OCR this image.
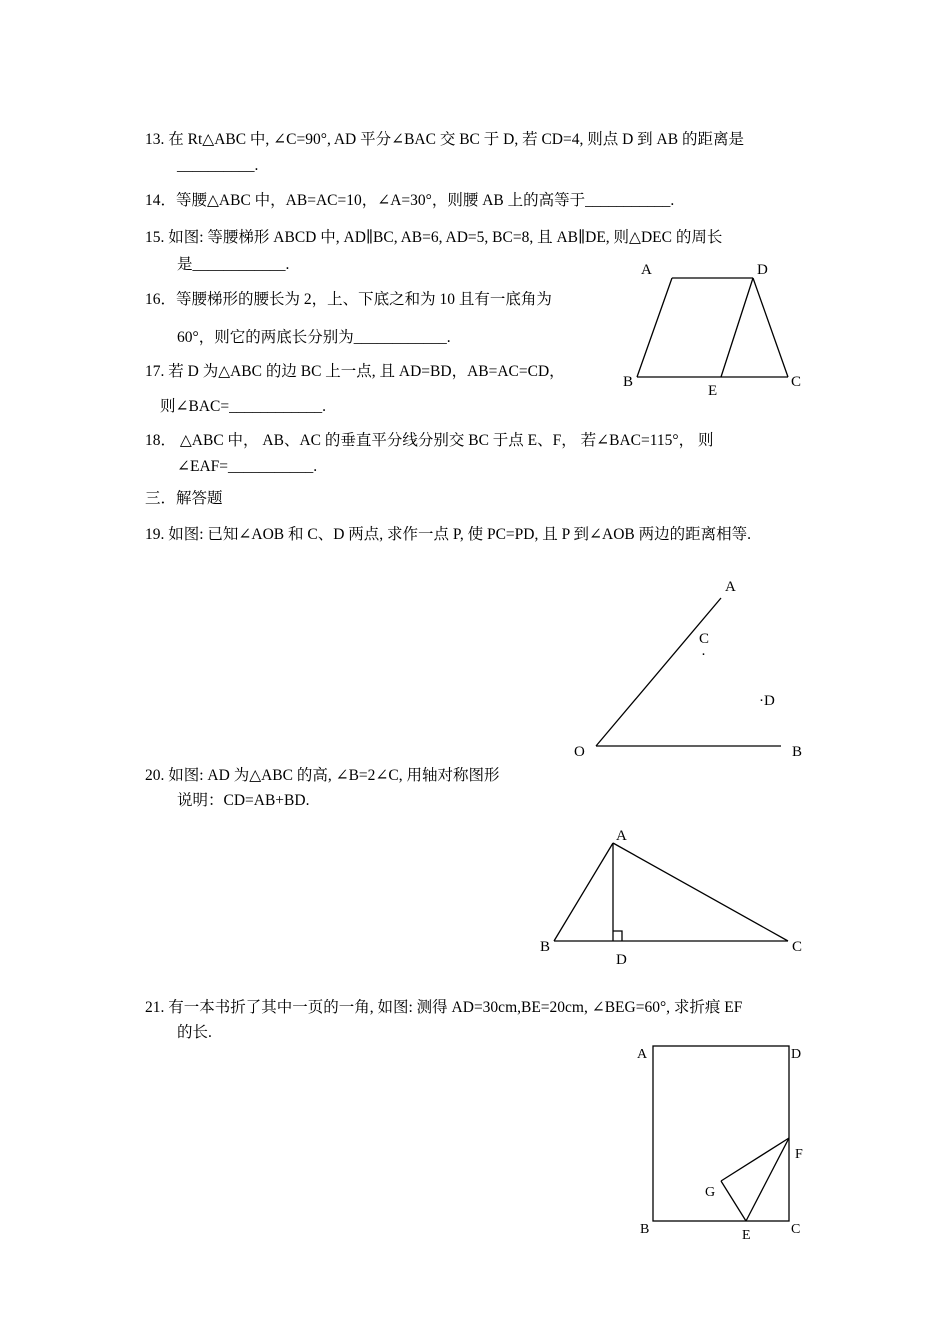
13. 在 Rt△ABC 中, ∠C=90°, AD 平分∠BAC 交 BC 于 D, 若 CD=4, 则点 D 到 AB 的距离是
__________.
14．等腰△ABC 中，AB=AC=10，∠A=30°，则腰 AB 上的高等于___________.
15. 如图: 等腰梯形 ABCD 中, AD∥BC, AB=6, AD=5, BC=8, 且 AB∥DE, 则△DEC 的周长
是____________.
16．等腰梯形的腰长为 2，上、下底之和为 10 且有一底角为
60°，则它的两底长分别为____________.
17. 若 D 为△ABC 的边 BC 上一点, 且 AD=BD，AB=AC=CD，
则∠BAC=____________.
18． △ABC 中， AB、AC 的垂直平分线分别交 BC 于点 E、F， 若∠BAC=115°， 则
∠EAF=___________.
三．解答题
19. 如图: 已知∠AOB 和 C、D 两点, 求作一点 P, 使 PC=PD, 且 P 到∠AOB 两边的距离相等.
20. 如图: AD 为△ABC 的高, ∠B=2∠C, 用轴对称图形
说明：CD=AB+BD.
21. 有一本书折了其中一页的一角, 如图: 测得 AD=30cm,BE=20cm, ∠BEG=60°, 求折痕 EF
的长.
A	D
B
E
C
A
C
·
·D
O	B
A
B
D
C
A	D
F
G
B	E	C
